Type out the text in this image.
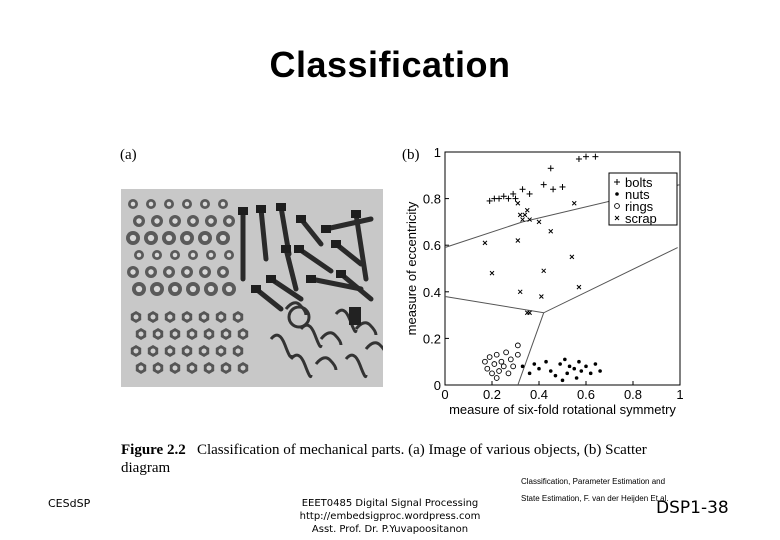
Classification
(a)	(b)
0	0.2 0.4 0.6 0.8	1
0
0.2
0.4
0.6
0.8
1
measure of six-fold rotational symmetry
measure of eccentricity
bolts
nuts
rings
scrap
Figure 2.2 Classification of mechanical parts. (a) Image of various objects, (b) Scatter diagram
Classification, Parameter Estimation and
State Estimation, F. van der Heijden Et al.
CESdSP	EEET0485 Digital Signal Processing
http://embedsigproc.wordpress.com
Asst. Prof. Dr. P.Yuvapoositanon
DSP1-38
